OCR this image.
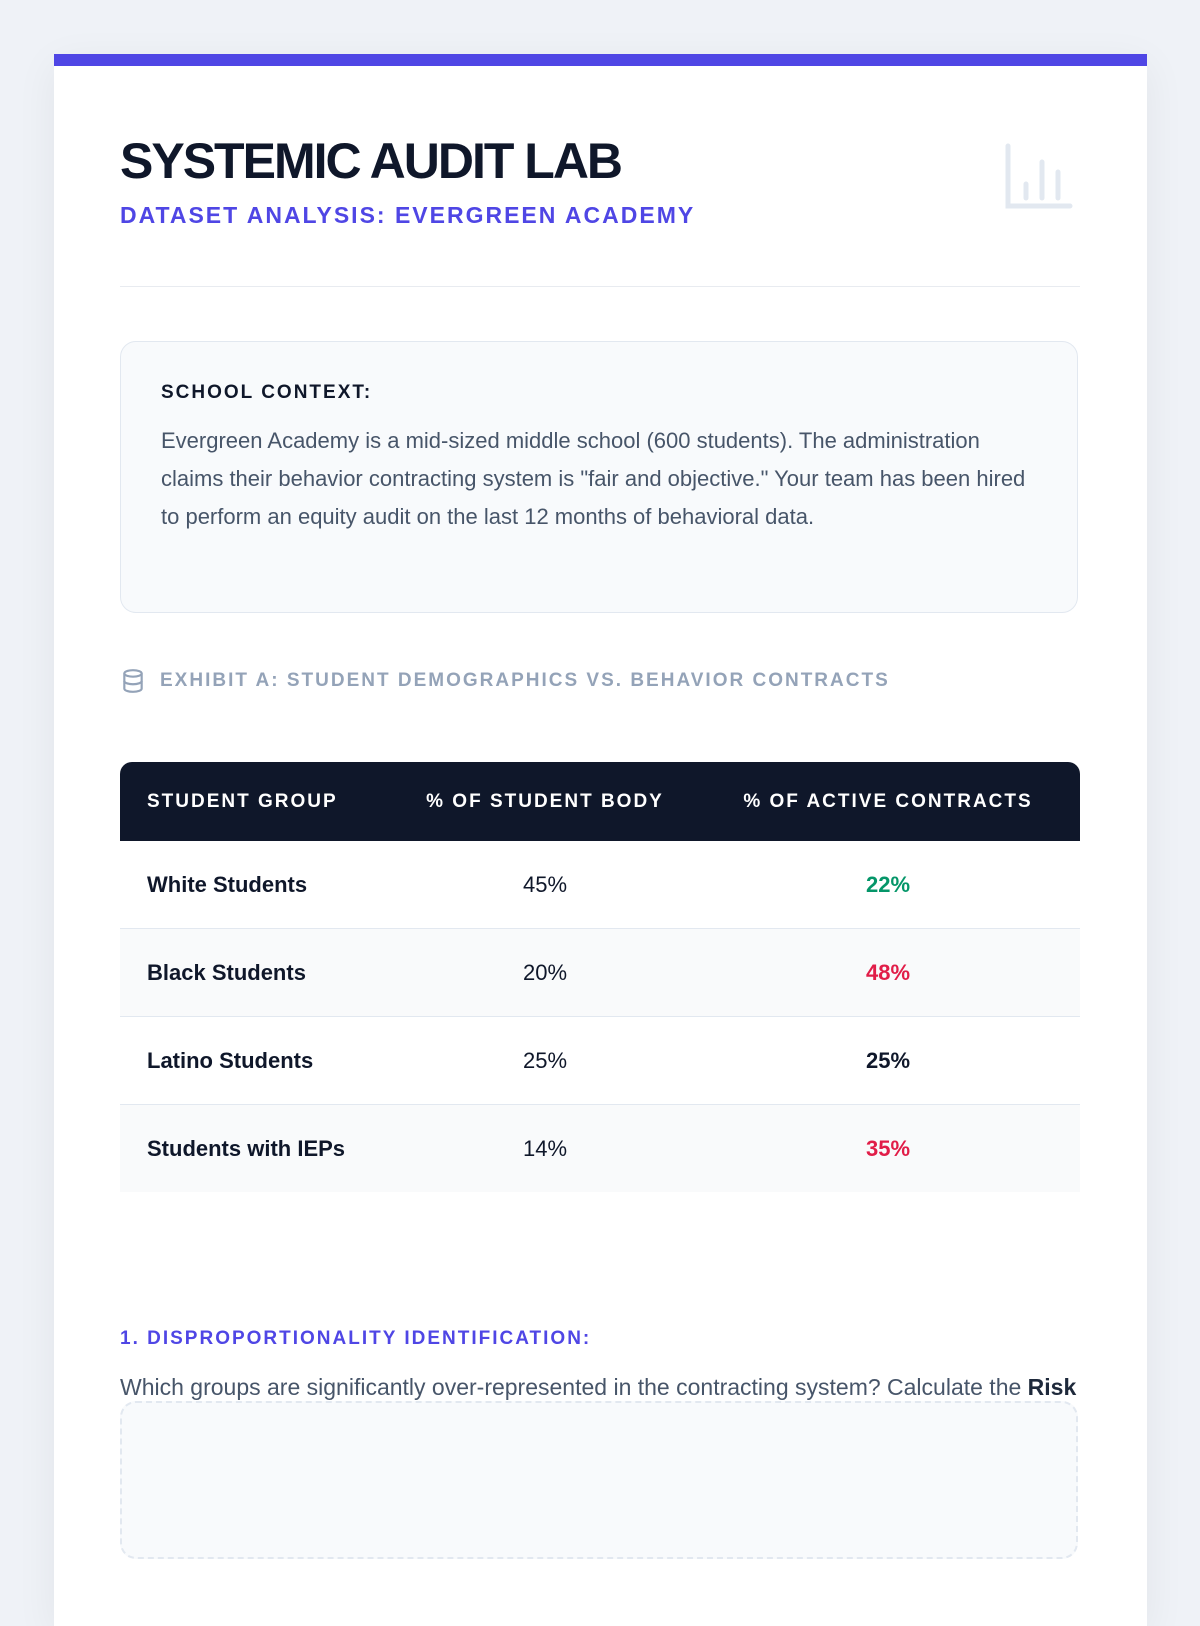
SYSTEMIC AUDIT LAB
DATASET ANALYSIS: EVERGREEN ACADEMY
SCHOOL CONTEXT:
Evergreen Academy is a mid-sized middle school (600 students). The administration claims their behavior contracting system is "fair and objective." Your team has been hired to perform an equity audit on the last 12 months of behavioral data.
EXHIBIT A: STUDENT DEMOGRAPHICS VS. BEHAVIOR CONTRACTS
STUDENT GROUP	% OF STUDENT BODY	% OF ACTIVE CONTRACTS
White Students	45%	22%
Black Students	20%	48%
Latino Students	25%	25%
Students with IEPs	14%	35%
1. DISPROPORTIONALITY IDENTIFICATION:
Which groups are significantly over-represented in the contracting system? Calculate the Risk
